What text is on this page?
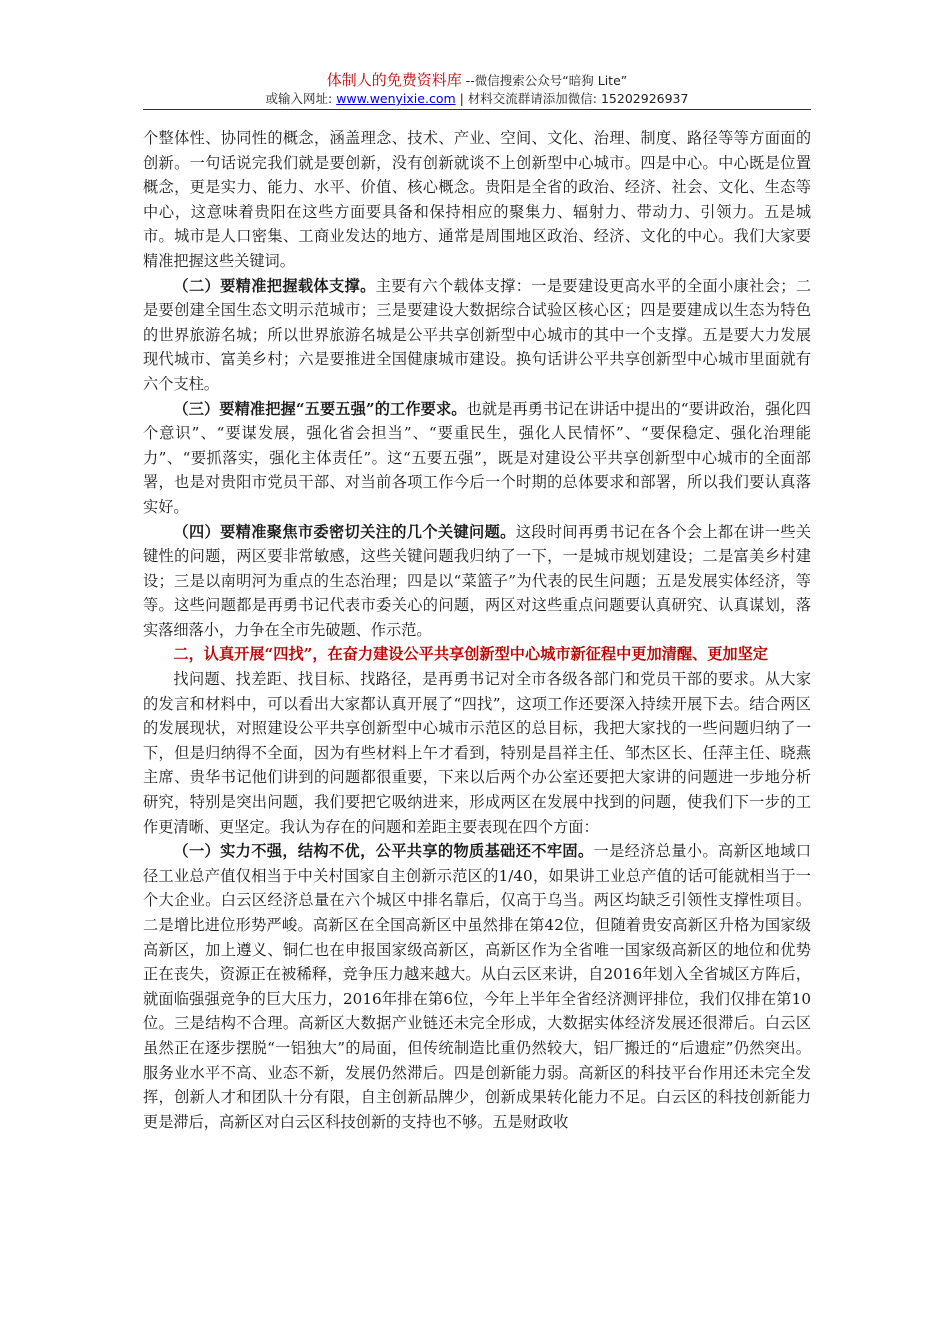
体制人的免费资料库 --微信搜索公众号“暗狗 Lite”
或输入网址: www.wenyixie.com | 材料交流群请添加微信: 15202926937

个整体性、协同性的概念，涵盖理念、技术、产业、空间、文化、治理、制度、路径等等方面面的创新。一句话说完我们就是要创新，没有创新就谈不上创新型中心城市。四是中心。中心既是位置概念，更是实力、能力、水平、价值、核心概念。贵阳是全省的政治、经济、社会、文化、生态等中心，这意味着贵阳在这些方面要具备和保持相应的聚集力、辐射力、带动力、引领力。五是城市。城市是人口密集、工商业发达的地方、通常是周围地区政治、经济、文化的中心。我们大家要精准把握这些关键词。

（二）要精准把握载体支撑。主要有六个载体支撑：一是要建设更高水平的全面小康社会；二是要创建全国生态文明示范城市；三是要建设大数据综合试验区核心区；四是要建成以生态为特色的世界旅游名城；所以世界旅游名城是公平共享创新型中心城市的其中一个支撑。五是要大力发展现代城市、富美乡村；六是要推进全国健康城市建设。换句话讲公平共享创新型中心城市里面就有六个支柱。

（三）要精准把握“五要五强”的工作要求。也就是再勇书记在讲话中提出的“要讲政治，强化四个意识”、“要谋发展，强化省会担当”、“要重民生，强化人民情怀”、“要保稳定、强化治理能力”、“要抓落实，强化主体责任”。这“五要五强”，既是对建设公平共享创新型中心城市的全面部署，也是对贵阳市党员干部、对当前各项工作今后一个时期的总体要求和部署，所以我们要认真落实好。

（四）要精准聚焦市委密切关注的几个关键问题。这段时间再勇书记在各个会上都在讲一些关键性的问题，两区要非常敏感，这些关键问题我归纳了一下，一是城市规划建设；二是富美乡村建设；三是以南明河为重点的生态治理；四是以“菜篮子”为代表的民生问题；五是发展实体经济，等等。这些问题都是再勇书记代表市委关心的问题，两区对这些重点问题要认真研究、认真谋划，落实落细落小，力争在全市先破题、作示范。

二，认真开展“四找”，在奋力建设公平共享创新型中心城市新征程中更加清醒、更加坚定

找问题、找差距、找目标、找路径，是再勇书记对全市各级各部门和党员干部的要求。从大家的发言和材料中，可以看出大家都认真开展了“四找”，这项工作还要深入持续开展下去。结合两区的发展现状，对照建设公平共享创新型中心城市示范区的总目标，我把大家找的一些问题归纳了一下，但是归纳得不全面，因为有些材料上午才看到，特别是昌祥主任、邹杰区长、任萍主任、晓燕主席、贵华书记他们讲到的问题都很重要，下来以后两个办公室还要把大家讲的问题进一步地分析研究，特别是突出问题，我们要把它吸纳进来，形成两区在发展中找到的问题，使我们下一步的工作更清晰、更坚定。我认为存在的问题和差距主要表现在四个方面：

（一）实力不强，结构不优，公平共享的物质基础还不牢固。一是经济总量小。高新区地域口径工业总产值仅相当于中关村国家自主创新示范区的1/40，如果讲工业总产值的话可能就相当于一个大企业。白云区经济总量在六个城区中排名靠后，仅高于乌当。两区均缺乏引领性支撑性项目。二是增比进位形势严峻。高新区在全国高新区中虽然排在第42位，但随着贵安高新区升格为国家级高新区，加上遵义、铜仁也在申报国家级高新区，高新区作为全省唯一国家级高新区的地位和优势正在丧失，资源正在被稀释，竞争压力越来越大。从白云区来讲，自2016年划入全省城区方阵后，就面临强强竞争的巨大压力，2016年排在第6位，今年上半年全省经济测评排位，我们仅排在第10位。三是结构不合理。高新区大数据产业链还未完全形成，大数据实体经济发展还很滞后。白云区虽然正在逐步摆脱“一铝独大”的局面，但传统制造比重仍然较大，铝厂搬迁的“后遗症”仍然突出。服务业水平不高、业态不新，发展仍然滞后。四是创新能力弱。高新区的科技平台作用还未完全发挥，创新人才和团队十分有限，自主创新品牌少，创新成果转化能力不足。白云区的科技创新能力更是滞后，高新区对白云区科技创新的支持也不够。五是财政收
